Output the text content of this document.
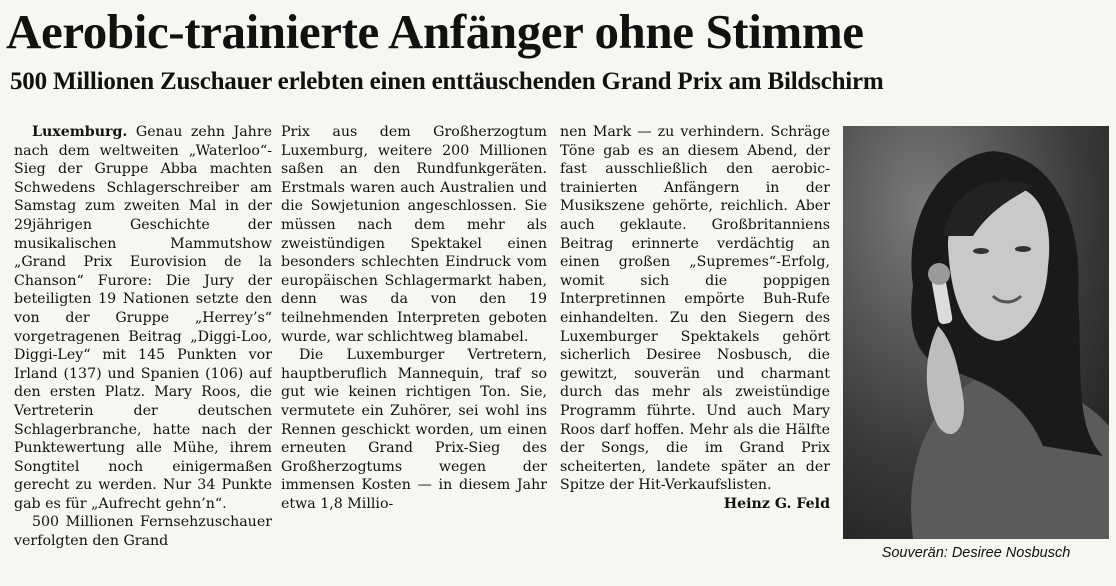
Aerobic-trainierte Anfänger ohne Stimme
500 Millionen Zuschauer erlebten einen enttäuschenden Grand Prix am Bildschirm

Luxemburg. Genau zehn Jahre nach dem weltweiten „Waterloo“-Sieg der Gruppe Abba machten Schwedens Schlagerschreiber am Samstag zum zweiten Mal in der 29jährigen Geschichte der musikalischen Mammutshow „Grand Prix Eurovision de la Chanson“ Furore: Die Jury der beteiligten 19 Nationen setzte den von der Gruppe „Herrey’s“ vorgetragenen Beitrag „Diggi-Loo, Diggi-Ley“ mit 145 Punkten vor Irland (137) und Spanien (106) auf den ersten Platz. Mary Roos, die Vertreterin der deutschen Schlagerbranche, hatte nach der Punktewertung alle Mühe, ihrem Songtitel noch einigermaßen gerecht zu werden. Nur 34 Punkte gab es für „Aufrecht gehn’n“.

500 Millionen Fernsehzuschauer verfolgten den Grand

Prix aus dem Großherzogtum Luxemburg, weitere 200 Millionen saßen an den Rundfunkgeräten. Erstmals waren auch Australien und die Sowjetunion angeschlossen. Sie müssen nach dem mehr als zweistündigen Spektakel einen besonders schlechten Eindruck vom europäischen Schlagermarkt haben, denn was da von den 19 teilnehmenden Interpreten geboten wurde, war schlichtweg blamabel.

Die Luxemburger Vertretern, hauptberuflich Mannequin, traf so gut wie keinen richtigen Ton. Sie, vermutete ein Zuhörer, sei wohl ins Rennen geschickt worden, um einen erneuten Grand Prix-Sieg des Großherzogtums wegen der immensen Kosten — in diesem Jahr etwa 1,8 Millio-

nen Mark — zu verhindern. Schräge Töne gab es an diesem Abend, der fast ausschließlich den aerobic-trainierten Anfängern in der Musikszene gehörte, reichlich. Aber auch geklaute. Großbritanniens Beitrag erinnerte verdächtig an einen großen „Supremes“-Erfolg, womit sich die poppigen Interpretinnen empörte Buh-Rufe einhandelten. Zu den Siegern des Luxemburger Spektakels gehört sicherlich Desiree Nosbusch, die gewitzt, souverän und charmant durch das mehr als zweistündige Programm führte. Und auch Mary Roos darf hoffen. Mehr als die Hälfte der Songs, die im Grand Prix scheiterten, landete später an der Spitze der Hit-Verkaufslisten.
Heinz G. Feld

Souverän: Desiree Nosbusch
